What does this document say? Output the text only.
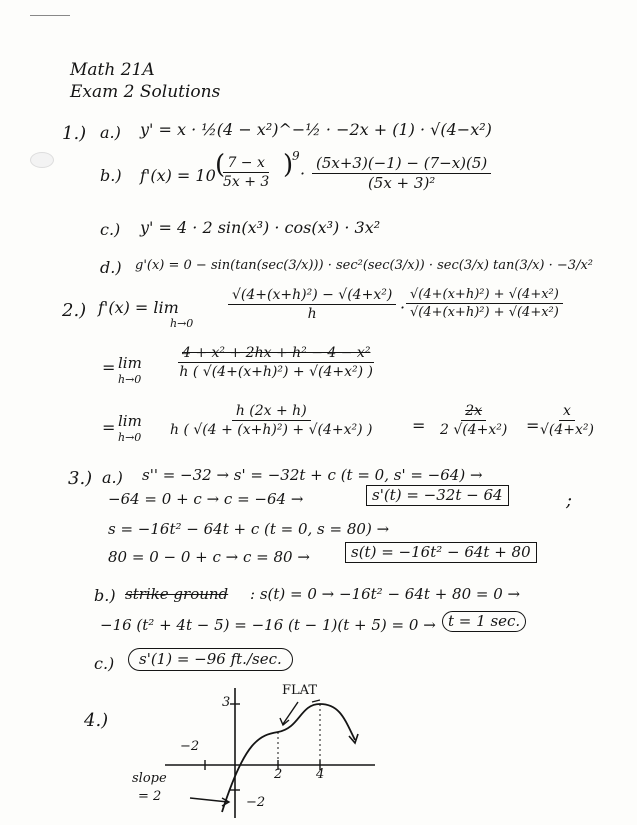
Math 21A
Exam 2 Solutions
1.) a.) y' = x · ½(4 − x²)^−½ · −2x + (1) · √(4−x²)
b.) f'(x) = 10 (
$\frac{7 - x}{5x + 3}$ )
9
· $\frac{(5x+3)(-1) - (7-x)(5)}{\text{(5x + 3)²}}$
c.) y' = 4 · 2 sin(x³) · cos(x³) · 3x²
d.) g'(x) = 0 − sin(tan(sec(3/x))) · sec²(sec(3/x)) · sec(3/x) tan(3/x) · −3/x²
2.) f'(x) = lim
h→0
$\frac{\text{√(4+(x+h)²) − √(4+x²)}}{h} \cdot \frac{\text{√(4+(x+h)²) + √(4+x²)}}{\text{√(4+(x+h)²) + √(4+x²)}}$
= lim
h→0
$\frac{\text{4 + x² + 2hx + h² − 4 − x²}}{\text{h ( √(4+(x+h)²) + √(4+x²) )}}$
= lim
h→0
$\frac{h (2x + h)}{\text{h ( √(4 + (x+h)²) + √(4+x²) )}} = \frac{2x}{\text{2 √(4+x²)}} = \frac{x}{\text{√(4+x²)}}$
3.) a.) s'' = −32 → s' = −32t + c (t = 0, s' = −64) →
−64 = 0 + c → c = −64 →	s'(t) = −32t − 64	;
s = −16t² − 64t + c (t = 0, s = 80) →
80 = 0 − 0 + c → c = 80 →	s(t) = −16t² − 64t + 80
b.) strike ground : s(t) = 0 → −16t² − 64t + 80 = 0 →
−16 (t² + 4t − 5) = −16 (t − 1)(t + 5) = 0 → t = 1 sec.
c.)	s'(1) = −96 ft./sec.
4.)
3
−2
2	4
−2
FLAT
slope
= 2
